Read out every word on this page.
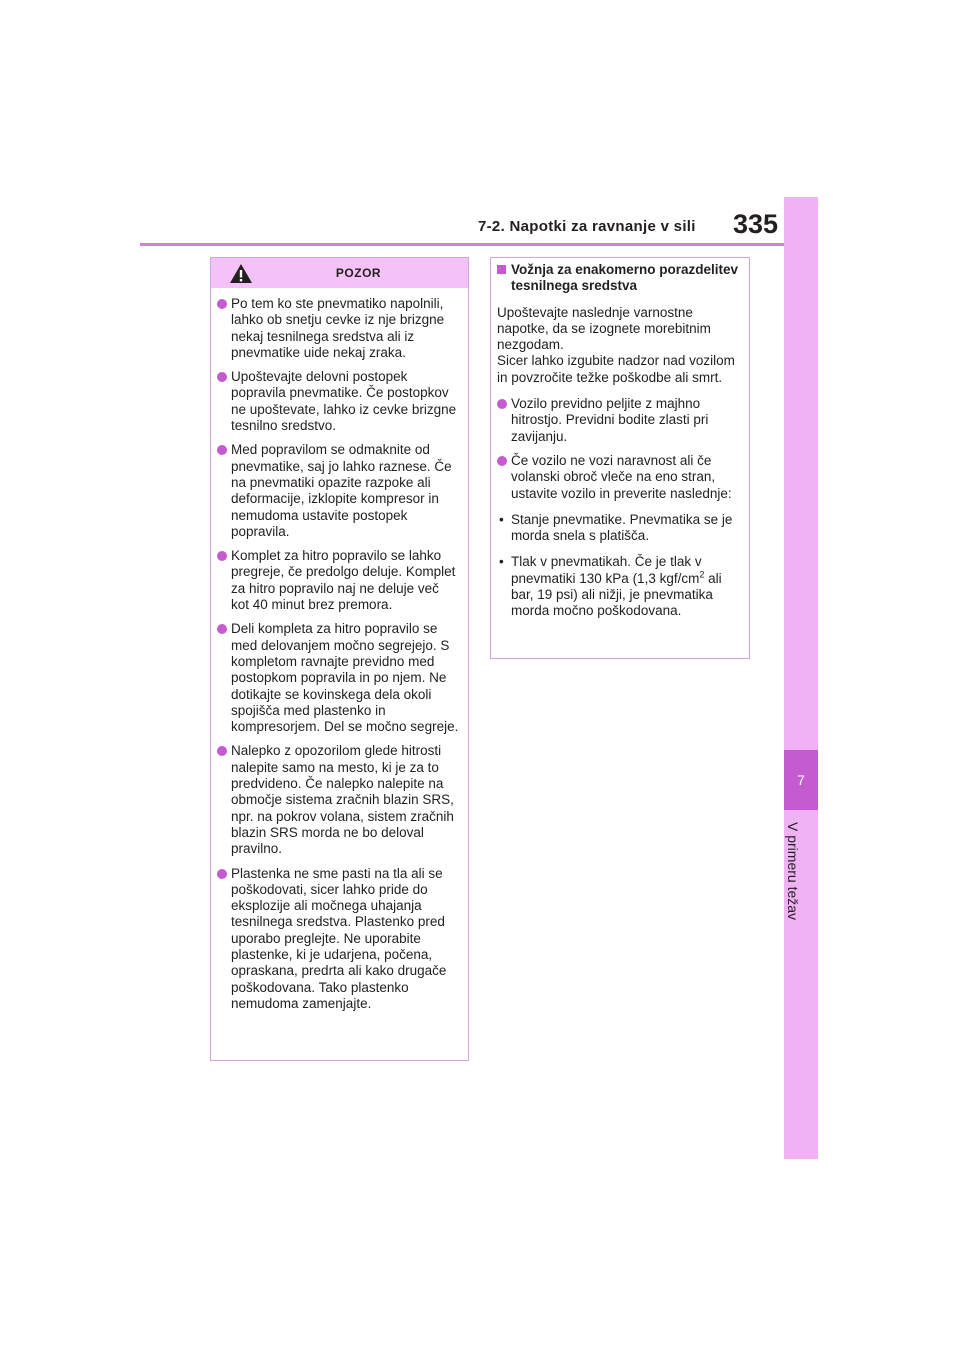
7-2. Napotki za ravnanje v sili 335
7
V primeru težav
POZOR
Po tem ko ste pnevmatiko napolnili, lahko ob snetju cevke iz nje brizgne nekaj tesnilnega sredstva ali iz pnevmatike uide nekaj zraka.
Upoštevajte delovni postopek popravila pnevmatike. Če postopkov ne upoštevate, lahko iz cevke brizgne tesnilno sredstvo.
Med popravilom se odmaknite od pnevmatike, saj jo lahko raznese. Če na pnevmatiki opazite razpoke ali deformacije, izklopite kompresor in nemudoma ustavite postopek popravila.
Komplet za hitro popravilo se lahko pregreje, če predolgo deluje. Komplet za hitro popravilo naj ne deluje več kot 40 minut brez premora.
Deli kompleta za hitro popravilo se med delovanjem močno segrejejo. S kompletom ravnajte previdno med postopkom popravila in po njem. Ne dotikajte se kovinskega dela okoli spojišča med plastenko in kompresorjem. Del se močno segreje.
Nalepko z opozorilom glede hitrosti nalepite samo na mesto, ki je za to predvideno. Če nalepko nalepite na območje sistema zračnih blazin SRS, npr. na pokrov volana, sistem zračnih blazin SRS morda ne bo deloval pravilno.
Plastenka ne sme pasti na tla ali se poškodovati, sicer lahko pride do eksplozije ali močnega uhajanja tesnilnega sredstva. Plastenko pred uporabo preglejte. Ne uporabite plastenke, ki je udarjena, počena, opraskana, predrta ali kako drugače poškodovana. Tako plastenko nemudoma zamenjajte.
Vožnja za enakomerno porazdelitev tesnilnega sredstva
Upoštevajte naslednje varnostne napotke, da se izognete morebitnim nezgodam.
Sicer lahko izgubite nadzor nad vozilom in povzročite težke poškodbe ali smrt.
Vozilo previdno peljite z majhno hitrostjo. Previdni bodite zlasti pri zavijanju.
Če vozilo ne vozi naravnost ali če volanski obroč vleče na eno stran, ustavite vozilo in preverite naslednje:
• Stanje pnevmatike. Pnevmatika se je morda snela s platišča.
• Tlak v pnevmatikah. Če je tlak v pnevmatiki 130 kPa (1,3 kgf/$cm^2$ ali bar, 19 psi) ali nižji, je pnevmatika morda močno poškodovana.
